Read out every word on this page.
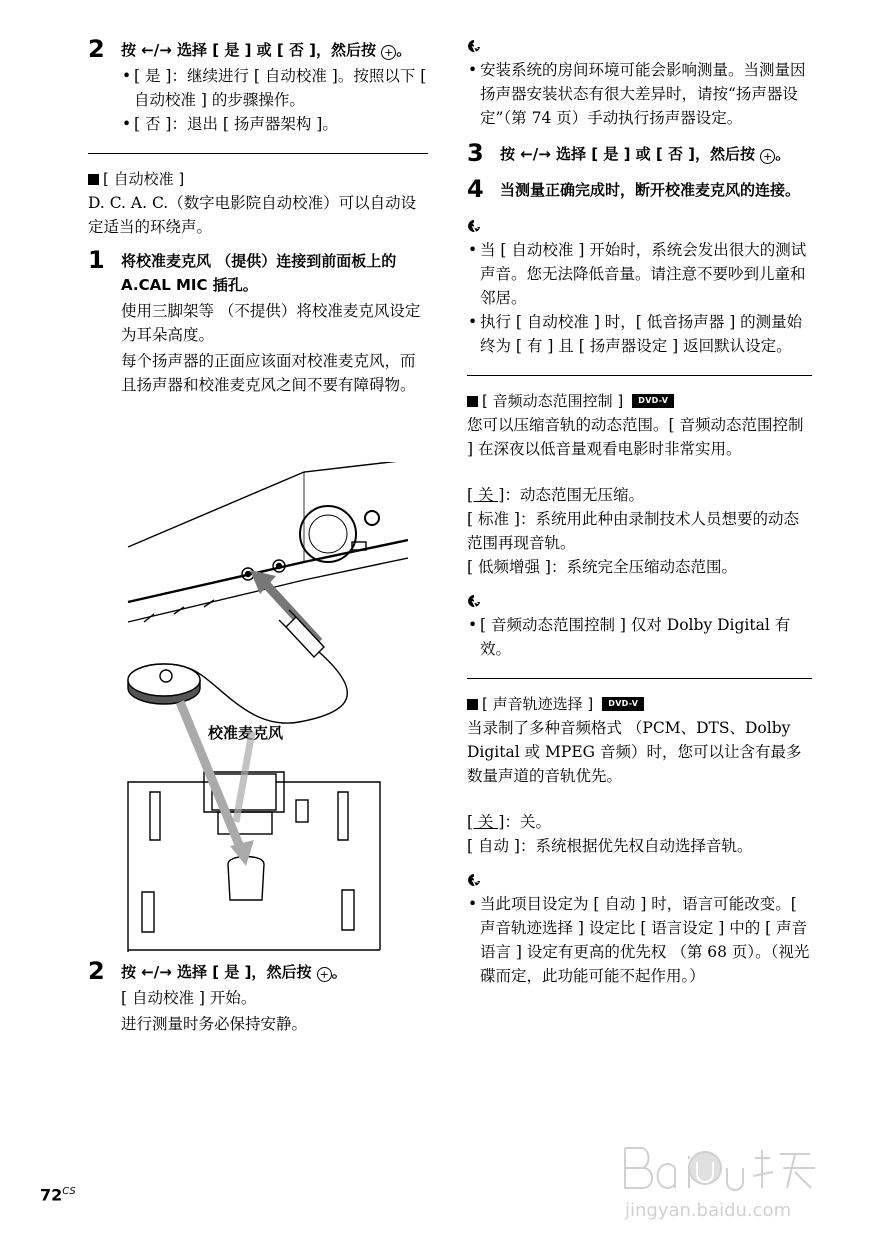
2 按 ←/→ 选择 [ 是 ] 或 [ 否 ]，然后按 + 。

• [ 是 ]：继续进行 [ 自动校准 ]。按照以下 [ 自动校准 ] 的步骤操作。

• [ 否 ]：退出 [ 扬声器架构 ]。

[ 自动校准 ]

D. C. A. C.（数字电影院自动校准）可以自动设定适当的环绕声。

1 将校准麦克风 （提供）连接到前面板上的 A.CAL MIC 插孔。

使用三脚架等 （不提供）将校准麦克风设定为耳朵高度。

每个扬声器的正面应该面对校准麦克风，而且扬声器和校准麦克风之间不要有障碍物。

校准麦克风
2 按 ←/→ 选择 [ 是 ]，然后按 + 。

[ 自动校准 ] 开始。

进行测量时务必保持安静。

• 安装系统的房间环境可能会影响测量。当测量因扬声器安装状态有很大差异时，请按“扬声器设定”（第 74 页）手动执行扬声器设定。

3 按 ←/→ 选择 [ 是 ] 或 [ 否 ]，然后按 + 。
4 当测量正确完成时，断开校准麦克风的连接。

• 当 [ 自动校准 ] 开始时，系统会发出很大的测试声音。您无法降低音量。请注意不要吵到儿童和邻居。

• 执行 [ 自动校准 ] 时，[ 低音扬声器 ] 的测量始终为 [ 有 ] 且 [ 扬声器设定 ] 返回默认设定。

[ 音频动态范围控制 ]	DVD-V

您可以压缩音轨的动态范围。[ 音频动态范围控制 ] 在深夜以低音量观看电影时非常实用。

[ 关 ]：动态范围无压缩。

[ 标准 ]：系统用此种由录制技术人员想要的动态范围再现音轨。

[ 低频增强 ]：系统完全压缩动态范围。

• [ 音频动态范围控制 ] 仅对 Dolby Digital 有效。

[ 声音轨迹选择 ]	DVD-V

当录制了多种音频格式 （PCM、DTS、Dolby Digital 或 MPEG 音频）时，您可以让含有最多数量声道的音轨优先。

[ 关 ]：关。

[ 自动 ]：系统根据优先权自动选择音轨。

• 当此项目设定为 [ 自动 ] 时，语言可能改变。[ 声音轨迹选择 ] 设定比 [ 语言设定 ] 中的 [ 声音语言 ] 设定有更高的优先权 （第 68 页）。（视光碟而定，此功能可能不起作用。）

$72^{CS}$
jingyan.baidu.com
